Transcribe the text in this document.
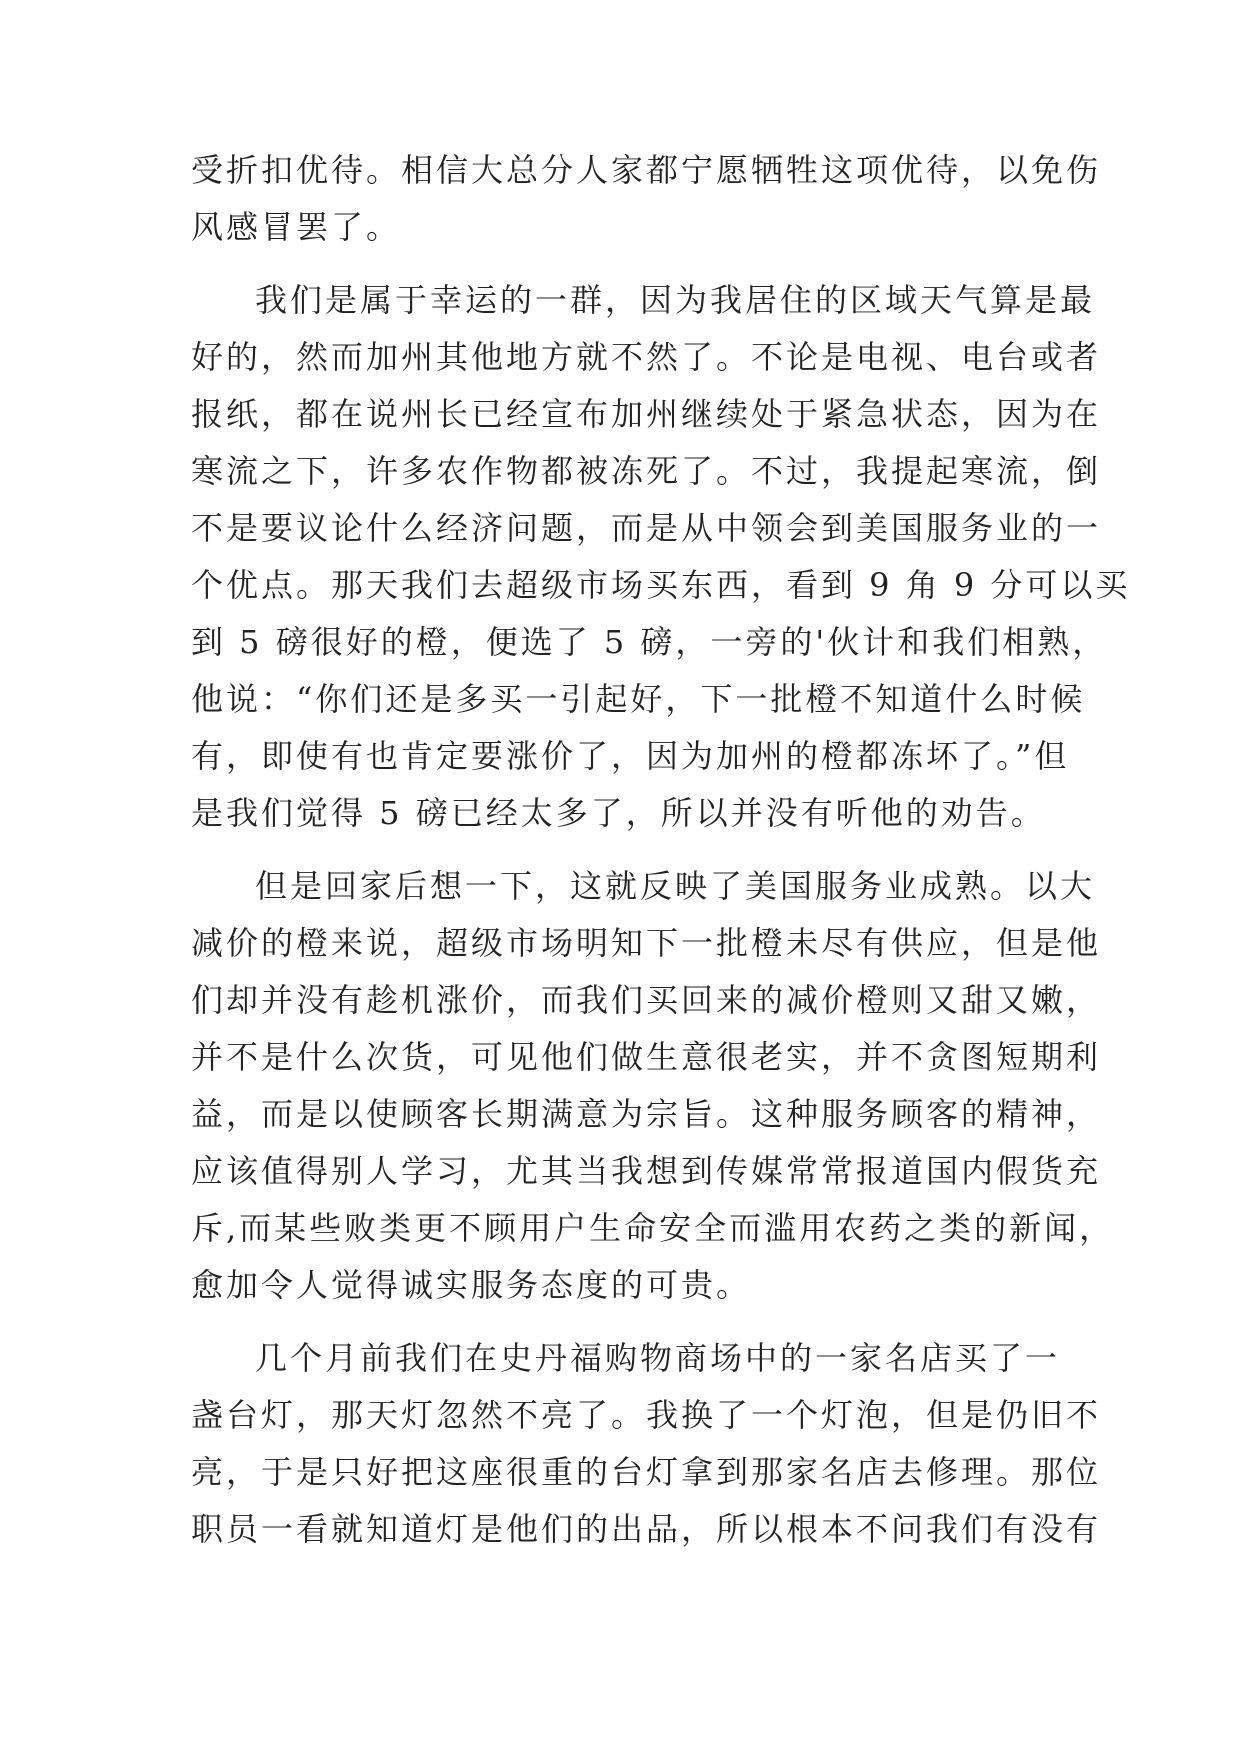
受折扣优待。相信大总分人家都宁愿牺牲这项优待，以免伤
风感冒罢了。
我们是属于幸运的一群，因为我居住的区域天气算是最
好的，然而加州其他地方就不然了。不论是电视、电台或者
报纸，都在说州长已经宣布加州继续处于紧急状态，因为在
寒流之下，许多农作物都被冻死了。不过，我提起寒流，倒
不是要议论什么经济问题，而是从中领会到美国服务业的一
个优点。那天我们去超级市场买东西，看到 9 角 9 分可以买
到 5 磅很好的橙，便选了 5 磅，一旁的'伙计和我们相熟，
他说：“你们还是多买一引起好，下一批橙不知道什么时候
有，即使有也肯定要涨价了，因为加州的橙都冻坏了。”但
是我们觉得 5 磅已经太多了，所以并没有听他的劝告。
但是回家后想一下，这就反映了美国服务业成熟。以大
减价的橙来说，超级市场明知下一批橙未尽有供应，但是他
们却并没有趁机涨价，而我们买回来的减价橙则又甜又嫩，
并不是什么次货，可见他们做生意很老实，并不贪图短期利
益，而是以使顾客长期满意为宗旨。这种服务顾客的精神，
应该值得别人学习，尤其当我想到传媒常常报道国内假货充
斥,而某些败类更不顾用户生命安全而滥用农药之类的新闻，
愈加令人觉得诚实服务态度的可贵。
几个月前我们在史丹福购物商场中的一家名店买了一
盏台灯，那天灯忽然不亮了。我换了一个灯泡，但是仍旧不
亮，于是只好把这座很重的台灯拿到那家名店去修理。那位
职员一看就知道灯是他们的出品，所以根本不问我们有没有
